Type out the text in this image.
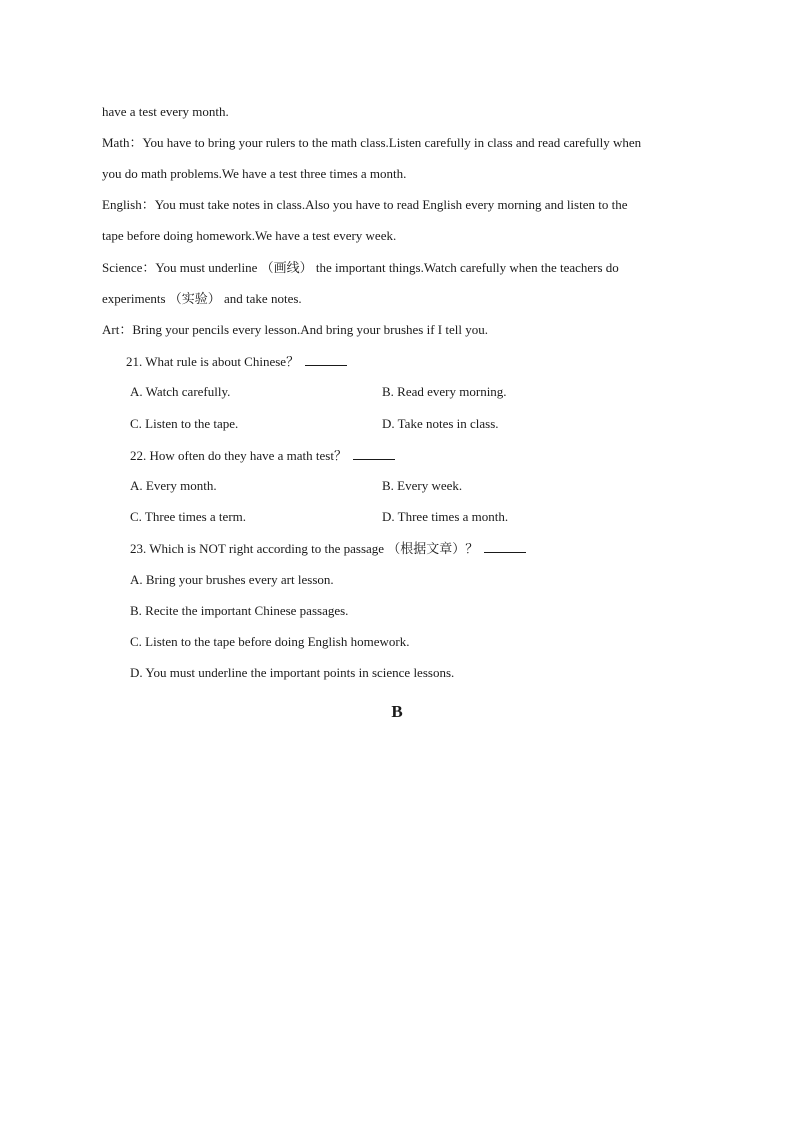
have a test every month.
Math：You have to bring your rulers to the math class.Listen carefully in class and read carefully when
you do math problems.We have a test three times a month.
English：You must take notes in class.Also you have to read English every morning and listen to the
tape before doing homework.We have a test every week.
Science：You must underline （画线） the important things.Watch carefully when the teachers do
experiments （实验） and take notes.
Art：Bring your pencils every lesson.And bring your brushes if I tell you.
21. What rule is about Chinese？
A. Watch carefully.	B. Read every morning.
C. Listen to the tape.	D. Take notes in class.
22. How often do they have a math test？
A. Every month.	B. Every week.
C. Three times a term.	D. Three times a month.
23. Which is NOT right according to the passage （根据文章）？
A. Bring your brushes every art lesson.
B. Recite the important Chinese passages.
C. Listen to the tape before doing English homework.
D. You must underline the important points in science lessons.
B
